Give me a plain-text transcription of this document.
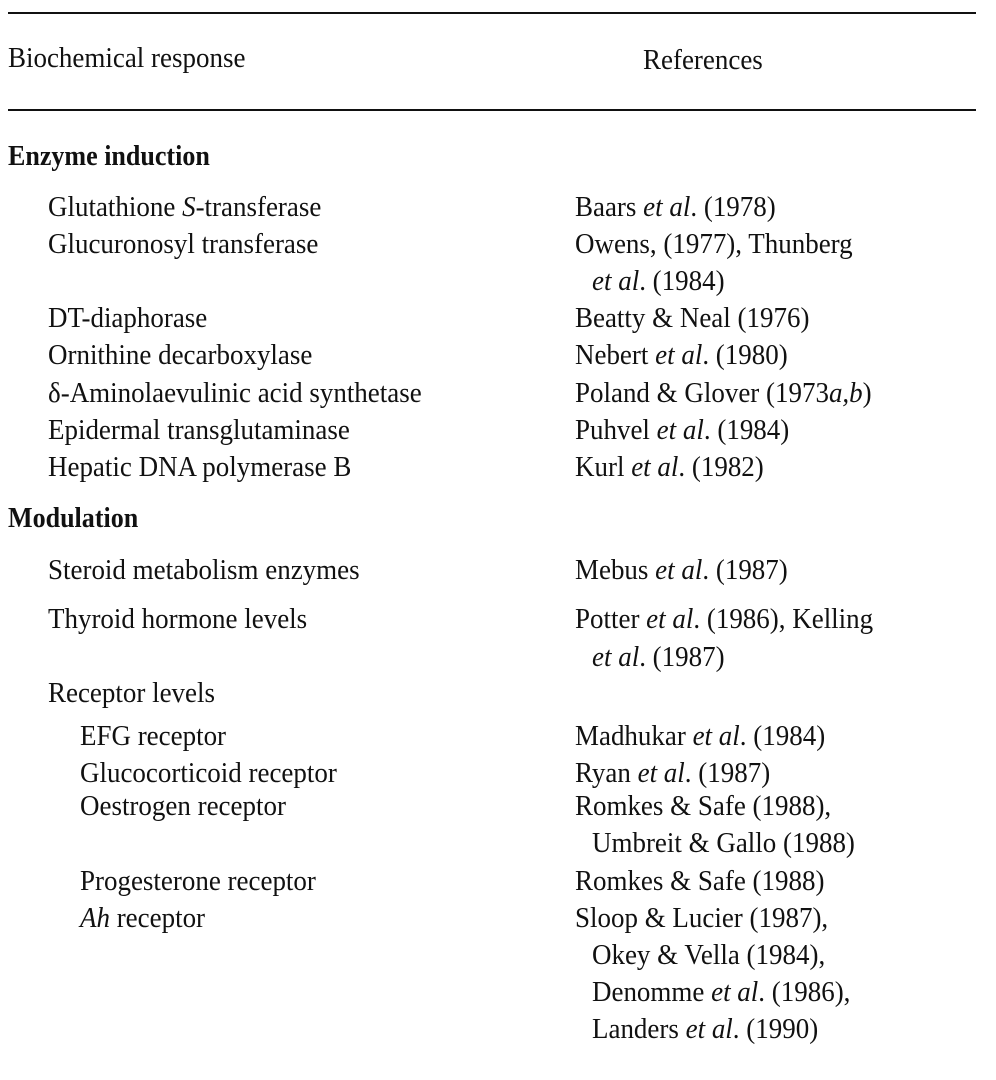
Biochemical response	References
Enzyme induction
Glutathione S-transferase	Baars et al. (1978)
Glucuronosyl transferase	Owens, (1977), Thunberg
et al. (1984)
DT-diaphorase	Beatty & Neal (1976)
Ornithine decarboxylase	Nebert et al. (1980)
δ-Aminolaevulinic acid synthetase	Poland & Glover (1973a,b)
Epidermal transglutaminase	Puhvel et al. (1984)
Hepatic DNA polymerase B	Kurl et al. (1982)
Modulation
Steroid metabolism enzymes	Mebus et al. (1987)
Thyroid hormone levels	Potter et al. (1986), Kelling
et al. (1987)
Receptor levels
EFG receptor	Madhukar et al. (1984)
Glucocorticoid receptor	Ryan et al. (1987)
Oestrogen receptor	Romkes & Safe (1988),
Umbreit & Gallo (1988)
Progesterone receptor	Romkes & Safe (1988)
Ah receptor	Sloop & Lucier (1987),
Okey & Vella (1984),
Denomme et al. (1986),
Landers et al. (1990)
